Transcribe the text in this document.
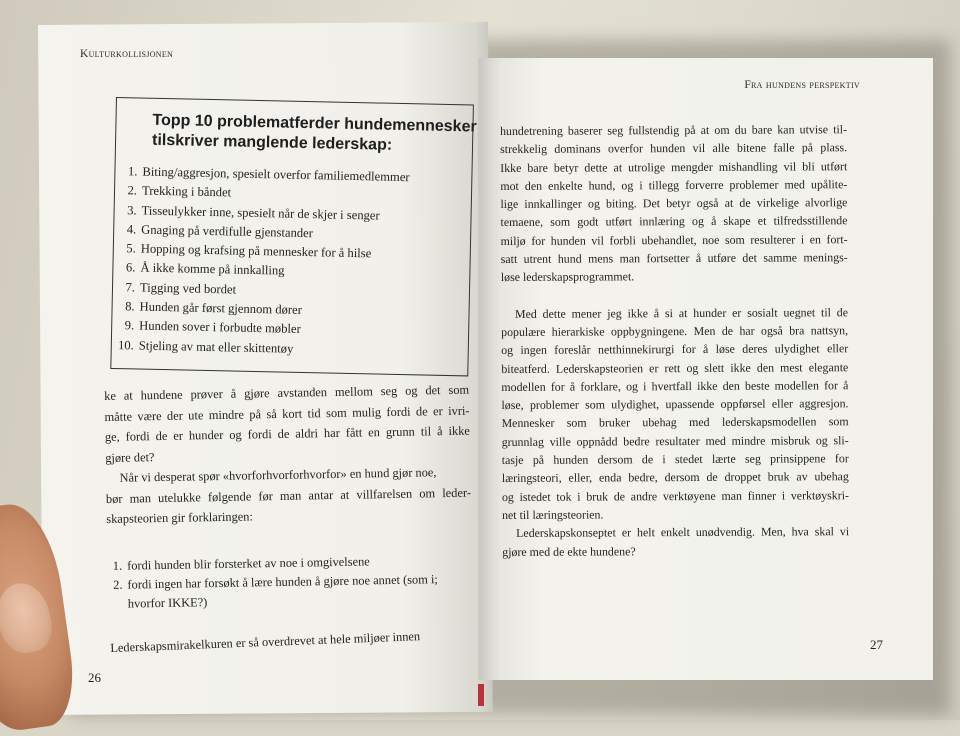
Kulturkollisjonen
Topp 10 problematferder hundemennesker
tilskriver manglende lederskap:
1. Biting/aggresjon, spesielt overfor familiemedlemmer
2. Trekking i båndet
3. Tisseulykker inne, spesielt når de skjer i senger
4. Gnaging på verdifulle gjenstander
5. Hopping og krafsing på mennesker for å hilse
6. Å ikke komme på innkalling
7. Tigging ved bordet
8. Hunden går først gjennom dører
9. Hunden sover i forbudte møbler
10. Stjeling av mat eller skittentøy
ke at hundene prøver å gjøre avstanden mellom seg og det som
måtte være der ute mindre på så kort tid som mulig fordi de er ivri-
ge, fordi de er hunder og fordi de aldri har fått en grunn til å ikke
gjøre det?
Når vi desperat spør «hvorforhvorforhvorfor» en hund gjør noe,
bør man utelukke følgende før man antar at villfarelsen om leder-
skapsteorien gir forklaringen:
1. fordi hunden blir forsterket av noe i omgivelsene
2. fordi ingen har forsøkt å lære hunden å gjøre noe annet (som i;
hvorfor IKKE?)
Lederskapsmirakelkuren er så overdrevet at hele miljøer innen
26
Fra hundens perspektiv
hundetrening baserer seg fullstendig på at om du bare kan utvise til-
strekkelig dominans overfor hunden vil alle bitene falle på plass.
Ikke bare betyr dette at utrolige mengder mishandling vil bli utført
mot den enkelte hund, og i tillegg forverre problemer med upålite-
lige innkallinger og biting. Det betyr også at de virkelige alvorlige
temaene, som godt utført innlæring og å skape et tilfredsstillende
miljø for hunden vil forbli ubehandlet, noe som resulterer i en fort-
satt utrent hund mens man fortsetter å utføre det samme menings-
løse lederskapsprogrammet.
Med dette mener jeg ikke å si at hunder er sosialt uegnet til de
populære hierarkiske oppbygningene. Men de har også bra nattsyn,
og ingen foreslår netthinnekirurgi for å løse deres ulydighet eller
biteatferd. Lederskapsteorien er rett og slett ikke den mest elegante
modellen for å forklare, og i hvertfall ikke den beste modellen for å
løse, problemer som ulydighet, upassende oppførsel eller aggresjon.
Mennesker som bruker ubehag med lederskapsmodellen som
grunnlag ville oppnådd bedre resultater med mindre misbruk og sli-
tasje på hunden dersom de i stedet lærte seg prinsippene for
læringsteori, eller, enda bedre, dersom de droppet bruk av ubehag
og istedet tok i bruk de andre verktøyene man finner i verktøyskri-
net til læringsteorien.
Lederskapskonseptet er helt enkelt unødvendig. Men, hva skal vi
gjøre med de ekte hundene?
27
